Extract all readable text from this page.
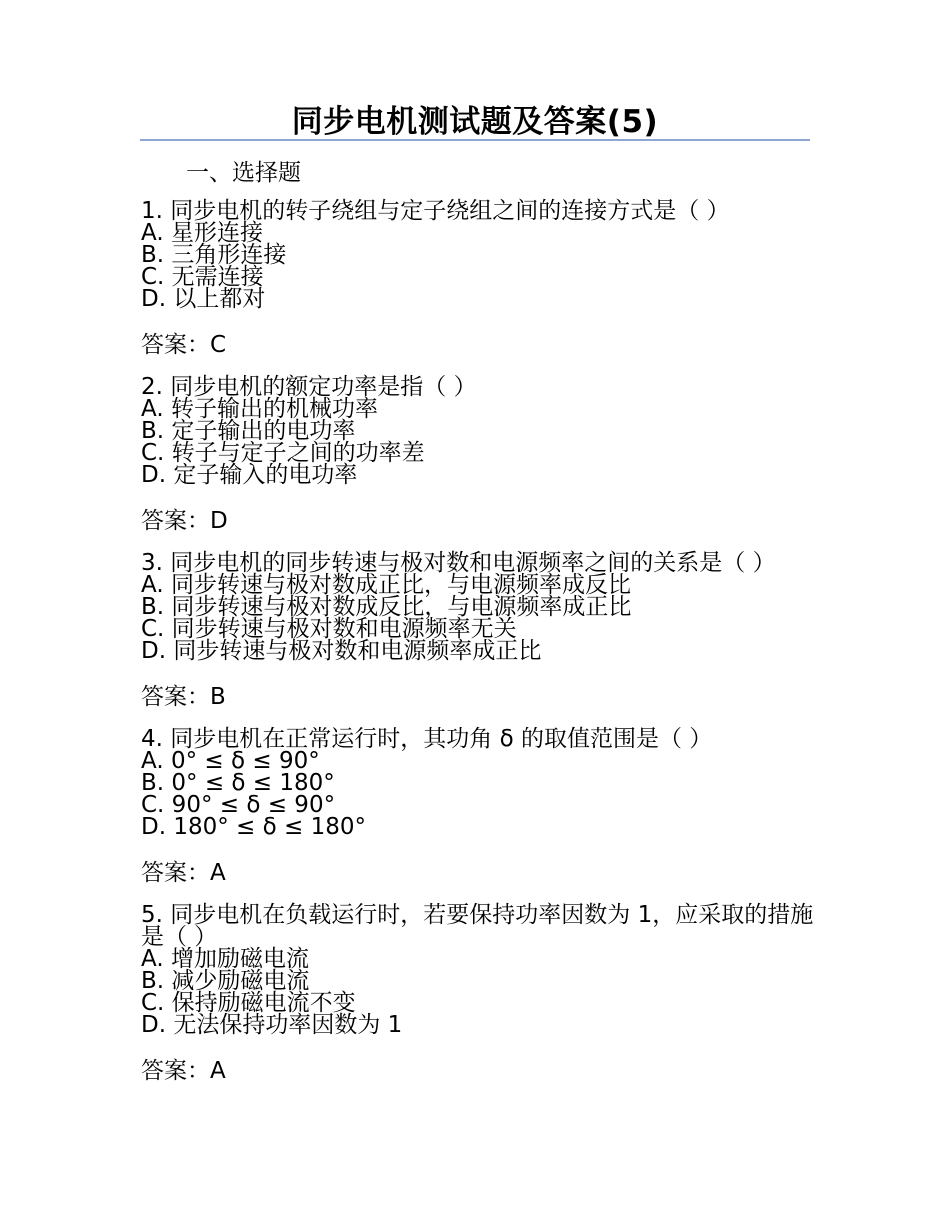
同步电机测试题及答案(5)
一、选择题
1. 同步电机的转子绕组与定子绕组之间的连接方式是（ ）
A. 星形连接
B. 三角形连接
C. 无需连接
D. 以上都对
答案：C
2. 同步电机的额定功率是指（ ）
A. 转子输出的机械功率
B. 定子输出的电功率
C. 转子与定子之间的功率差
D. 定子输入的电功率
答案：D
3. 同步电机的同步转速与极对数和电源频率之间的关系是（ ）
A. 同步转速与极对数成正比，与电源频率成反比
B. 同步转速与极对数成反比，与电源频率成正比
C. 同步转速与极对数和电源频率无关
D. 同步转速与极对数和电源频率成正比
答案：B
4. 同步电机在正常运行时，其功角 δ 的取值范围是（ ）
A. 0° ≤ δ ≤ 90°
B. 0° ≤ δ ≤ 180°
C. 90° ≤ δ ≤ 90°
D. 180° ≤ δ ≤ 180°
答案：A
5. 同步电机在负载运行时，若要保持功率因数为 1，应采取的措施是（ ）
A. 增加励磁电流
B. 减少励磁电流
C. 保持励磁电流不变
D. 无法保持功率因数为 1
答案：A
